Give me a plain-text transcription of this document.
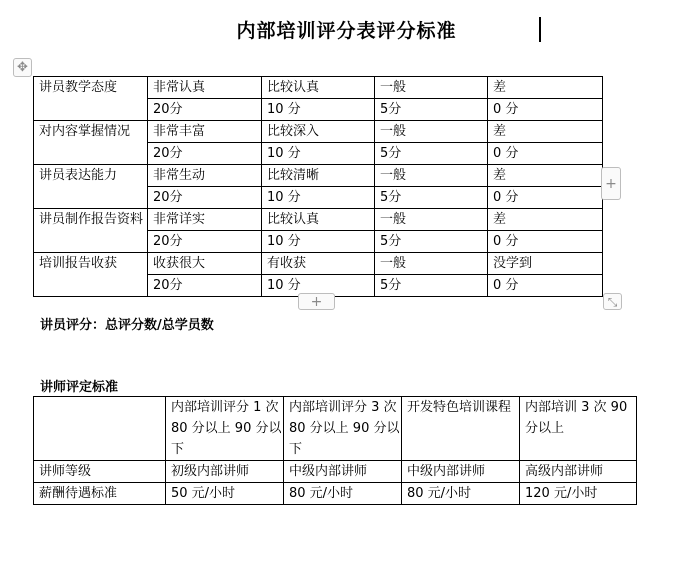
内部培训评分表评分标准
✥
讲员教学态度	非常认真	比较认真	一般	差
	20分	10 分	5分	0 分
对内容掌握情况	非常丰富	比较深入	一般	差
	20分	10 分	5分	0 分
讲员表达能力	非常生动	比较清晰	一般	差
	20分	10 分	5分	0 分
讲员制作报告资料	非常详实	比较认真	一般	差
	20分	10 分	5分	0 分
培训报告收获	收获很大	有收获	一般	没学到
	20分	10 分	5分	0 分
+
+	⤡
讲员评分：总评分数/总学员数
讲师评定标准
	内部培训评分 1 次 80 分以上 90 分以下	内部培训评分 3 次 80 分以上 90 分以下	开发特色培训课程	内部培训 3 次 90 分以上
讲师等级	初级内部讲师	中级内部讲师	中级内部讲师	高级内部讲师
薪酬待遇标准	50 元/小时	80 元/小时	80 元/小时	120 元/小时
